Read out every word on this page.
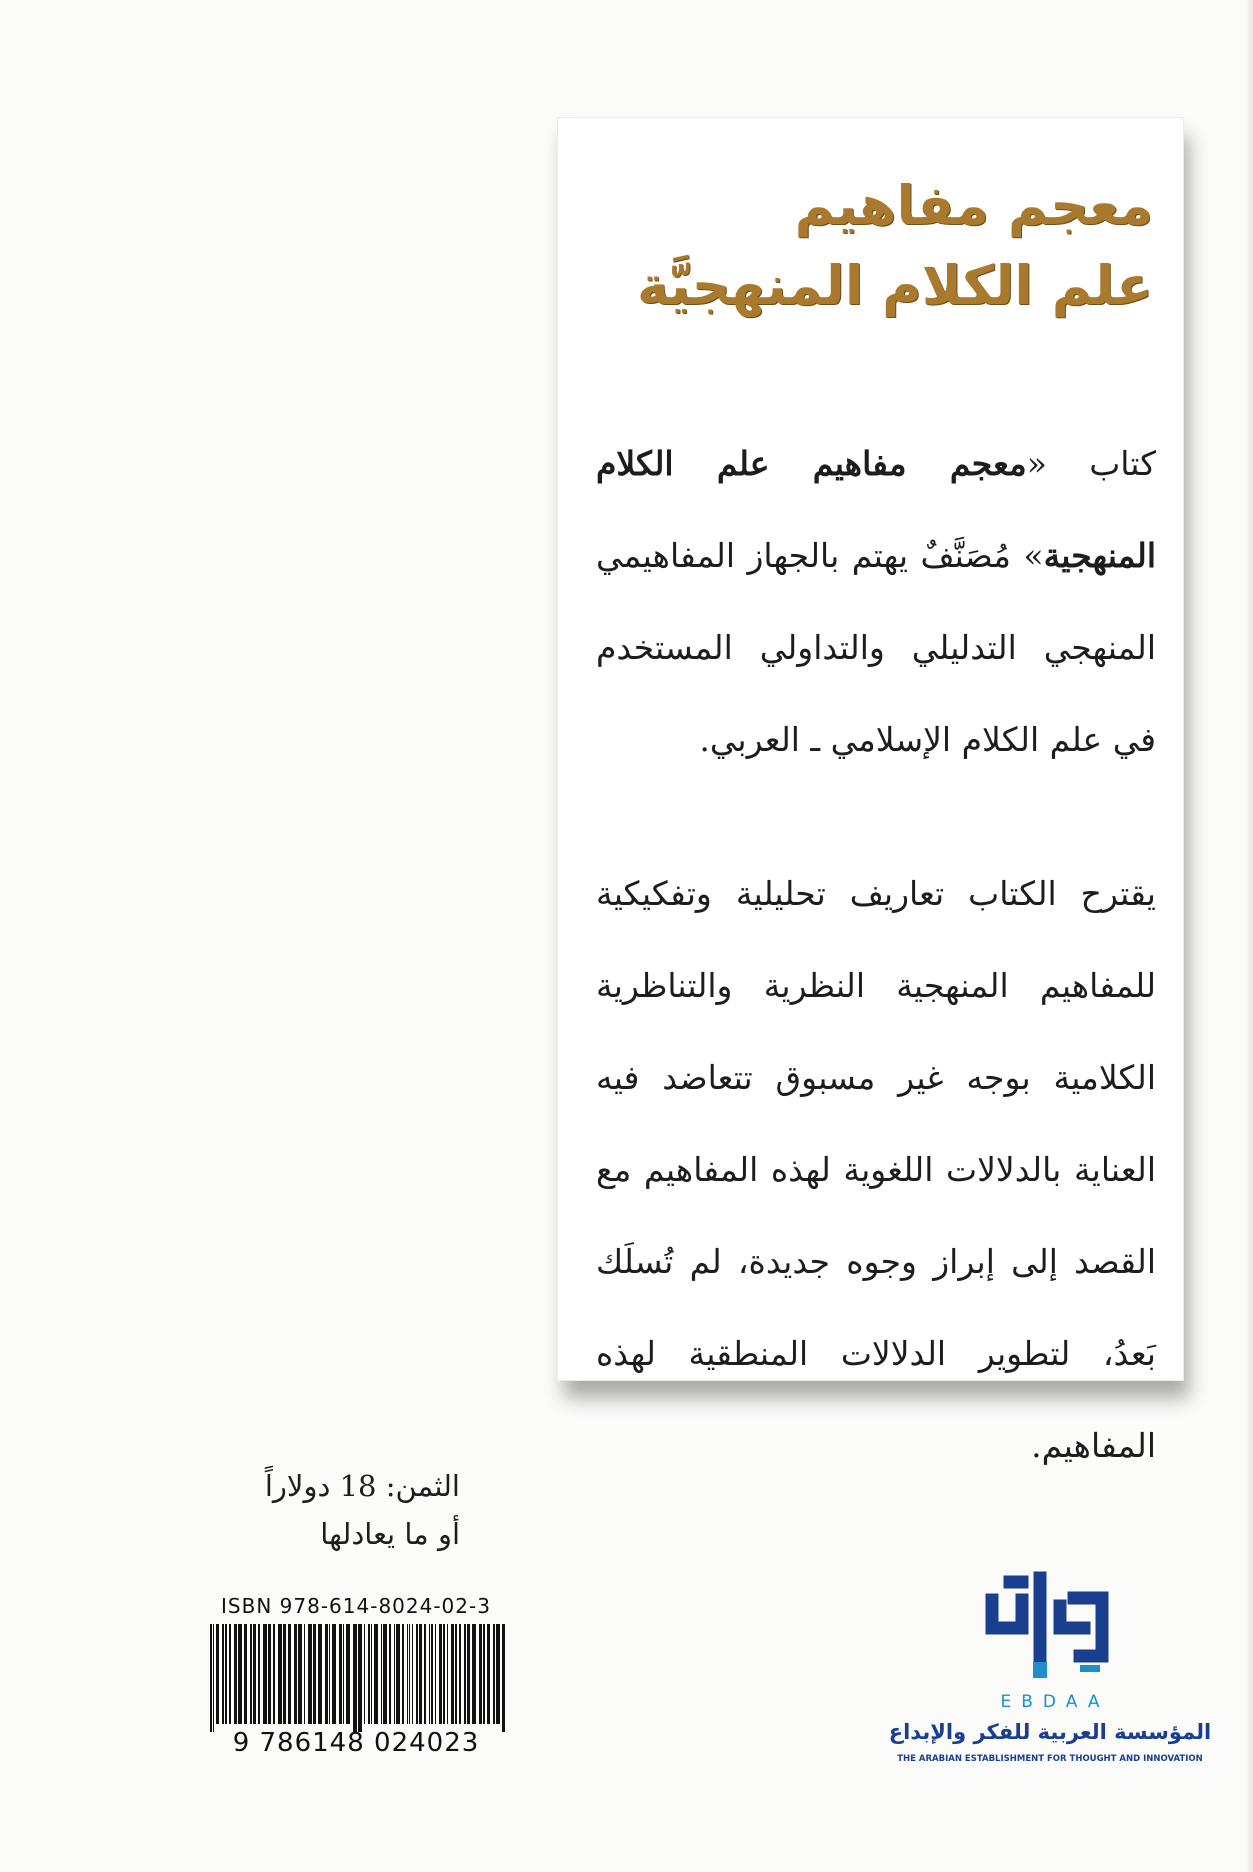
معجم مفاهيم
علم الكلام المنهجيَّة
كتاب «معجم مفاهيم علم الكلام المنهجية» مُصَنَّفٌ يهتم بالجهاز المفاهيمي المنهجي التدليلي والتداولي المستخدم في علم الكلام الإسلامي ـ العربي.
يقترح الكتاب تعاريف تحليلية وتفكيكية للمفاهيم المنهجية النظرية والتناظرية الكلامية بوجه غير مسبوق تتعاضد فيه العناية بالدلالات اللغوية لهذه المفاهيم مع القصد إلى إبراز وجوه جديدة، لم تُسلَك بَعدُ، لتطوير الدلالات المنطقية لهذه المفاهيم.
الثمن: 18 دولاراً
أو ما يعادلها
ISBN 978-614-8024-02-3
9 786148 024023
EBDAA
المؤسسة العربية للفكر والإبداع
THE ARABIAN ESTABLISHMENT FOR THOUGHT AND INNOVATION
